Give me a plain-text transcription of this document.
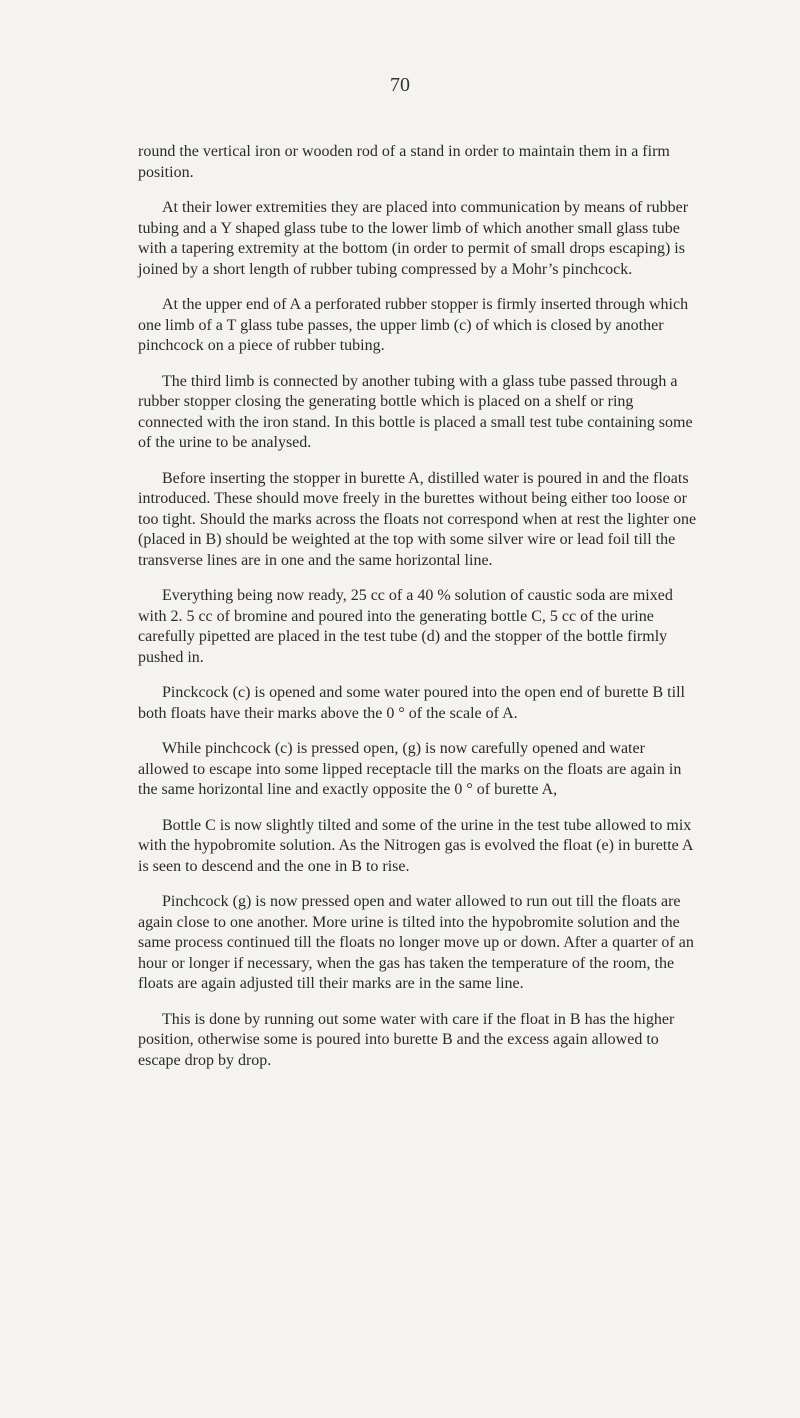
70

round the vertical iron or wooden rod of a stand in order to maintain them in a firm position.

At their lower extremities they are placed into communication by means of rubber tubing and a Y shaped glass tube to the lower limb of which another small glass tube with a tapering extremity at the bottom (in order to permit of small drops escaping) is joined by a short length of rubber tubing compressed by a Mohr’s pinchcock.

At the upper end of A a perforated rubber stopper is firmly inserted through which one limb of a T glass tube passes, the upper limb (c) of which is closed by another pinchcock on a piece of rubber tubing.

The third limb is connected by another tubing with a glass tube passed through a rubber stopper closing the generating bottle which is placed on a shelf or ring connected with the iron stand. In this bottle is placed a small test tube containing some of the urine to be analysed.

Before inserting the stopper in burette A, distilled water is poured in and the floats introduced. These should move freely in the burettes without being either too loose or too tight. Should the marks across the floats not correspond when at rest the lighter one (placed in B) should be weighted at the top with some silver wire or lead foil till the transverse lines are in one and the same horizontal line.

Everything being now ready, 25 cc of a 40 % solution of caustic soda are mixed with 2. 5 cc of bromine and poured into the generating bottle C, 5 cc of the urine carefully pipetted are placed in the test tube (d) and the stopper of the bottle firmly pushed in.

Pinckcock (c) is opened and some water poured into the open end of burette B till both floats have their marks above the 0 ° of the scale of A.

While pinchcock (c) is pressed open, (g) is now carefully opened and water allowed to escape into some lipped receptacle till the marks on the floats are again in the same horizontal line and exactly opposite the 0 ° of burette A,

Bottle C is now slightly tilted and some of the urine in the test tube allowed to mix with the hypobromite solution. As the Nitrogen gas is evolved the float (e) in burette A is seen to descend and the one in B to rise.

Pinchcock (g) is now pressed open and water allowed to run out till the floats are again close to one another. More urine is tilted into the hypobromite solution and the same process continued till the floats no longer move up or down. After a quarter of an hour or longer if necessary, when the gas has taken the temperature of the room, the floats are again adjusted till their marks are in the same line.

This is done by running out some water with care if the float in B has the higher position, otherwise some is poured into burette B and the excess again allowed to escape drop by drop.
